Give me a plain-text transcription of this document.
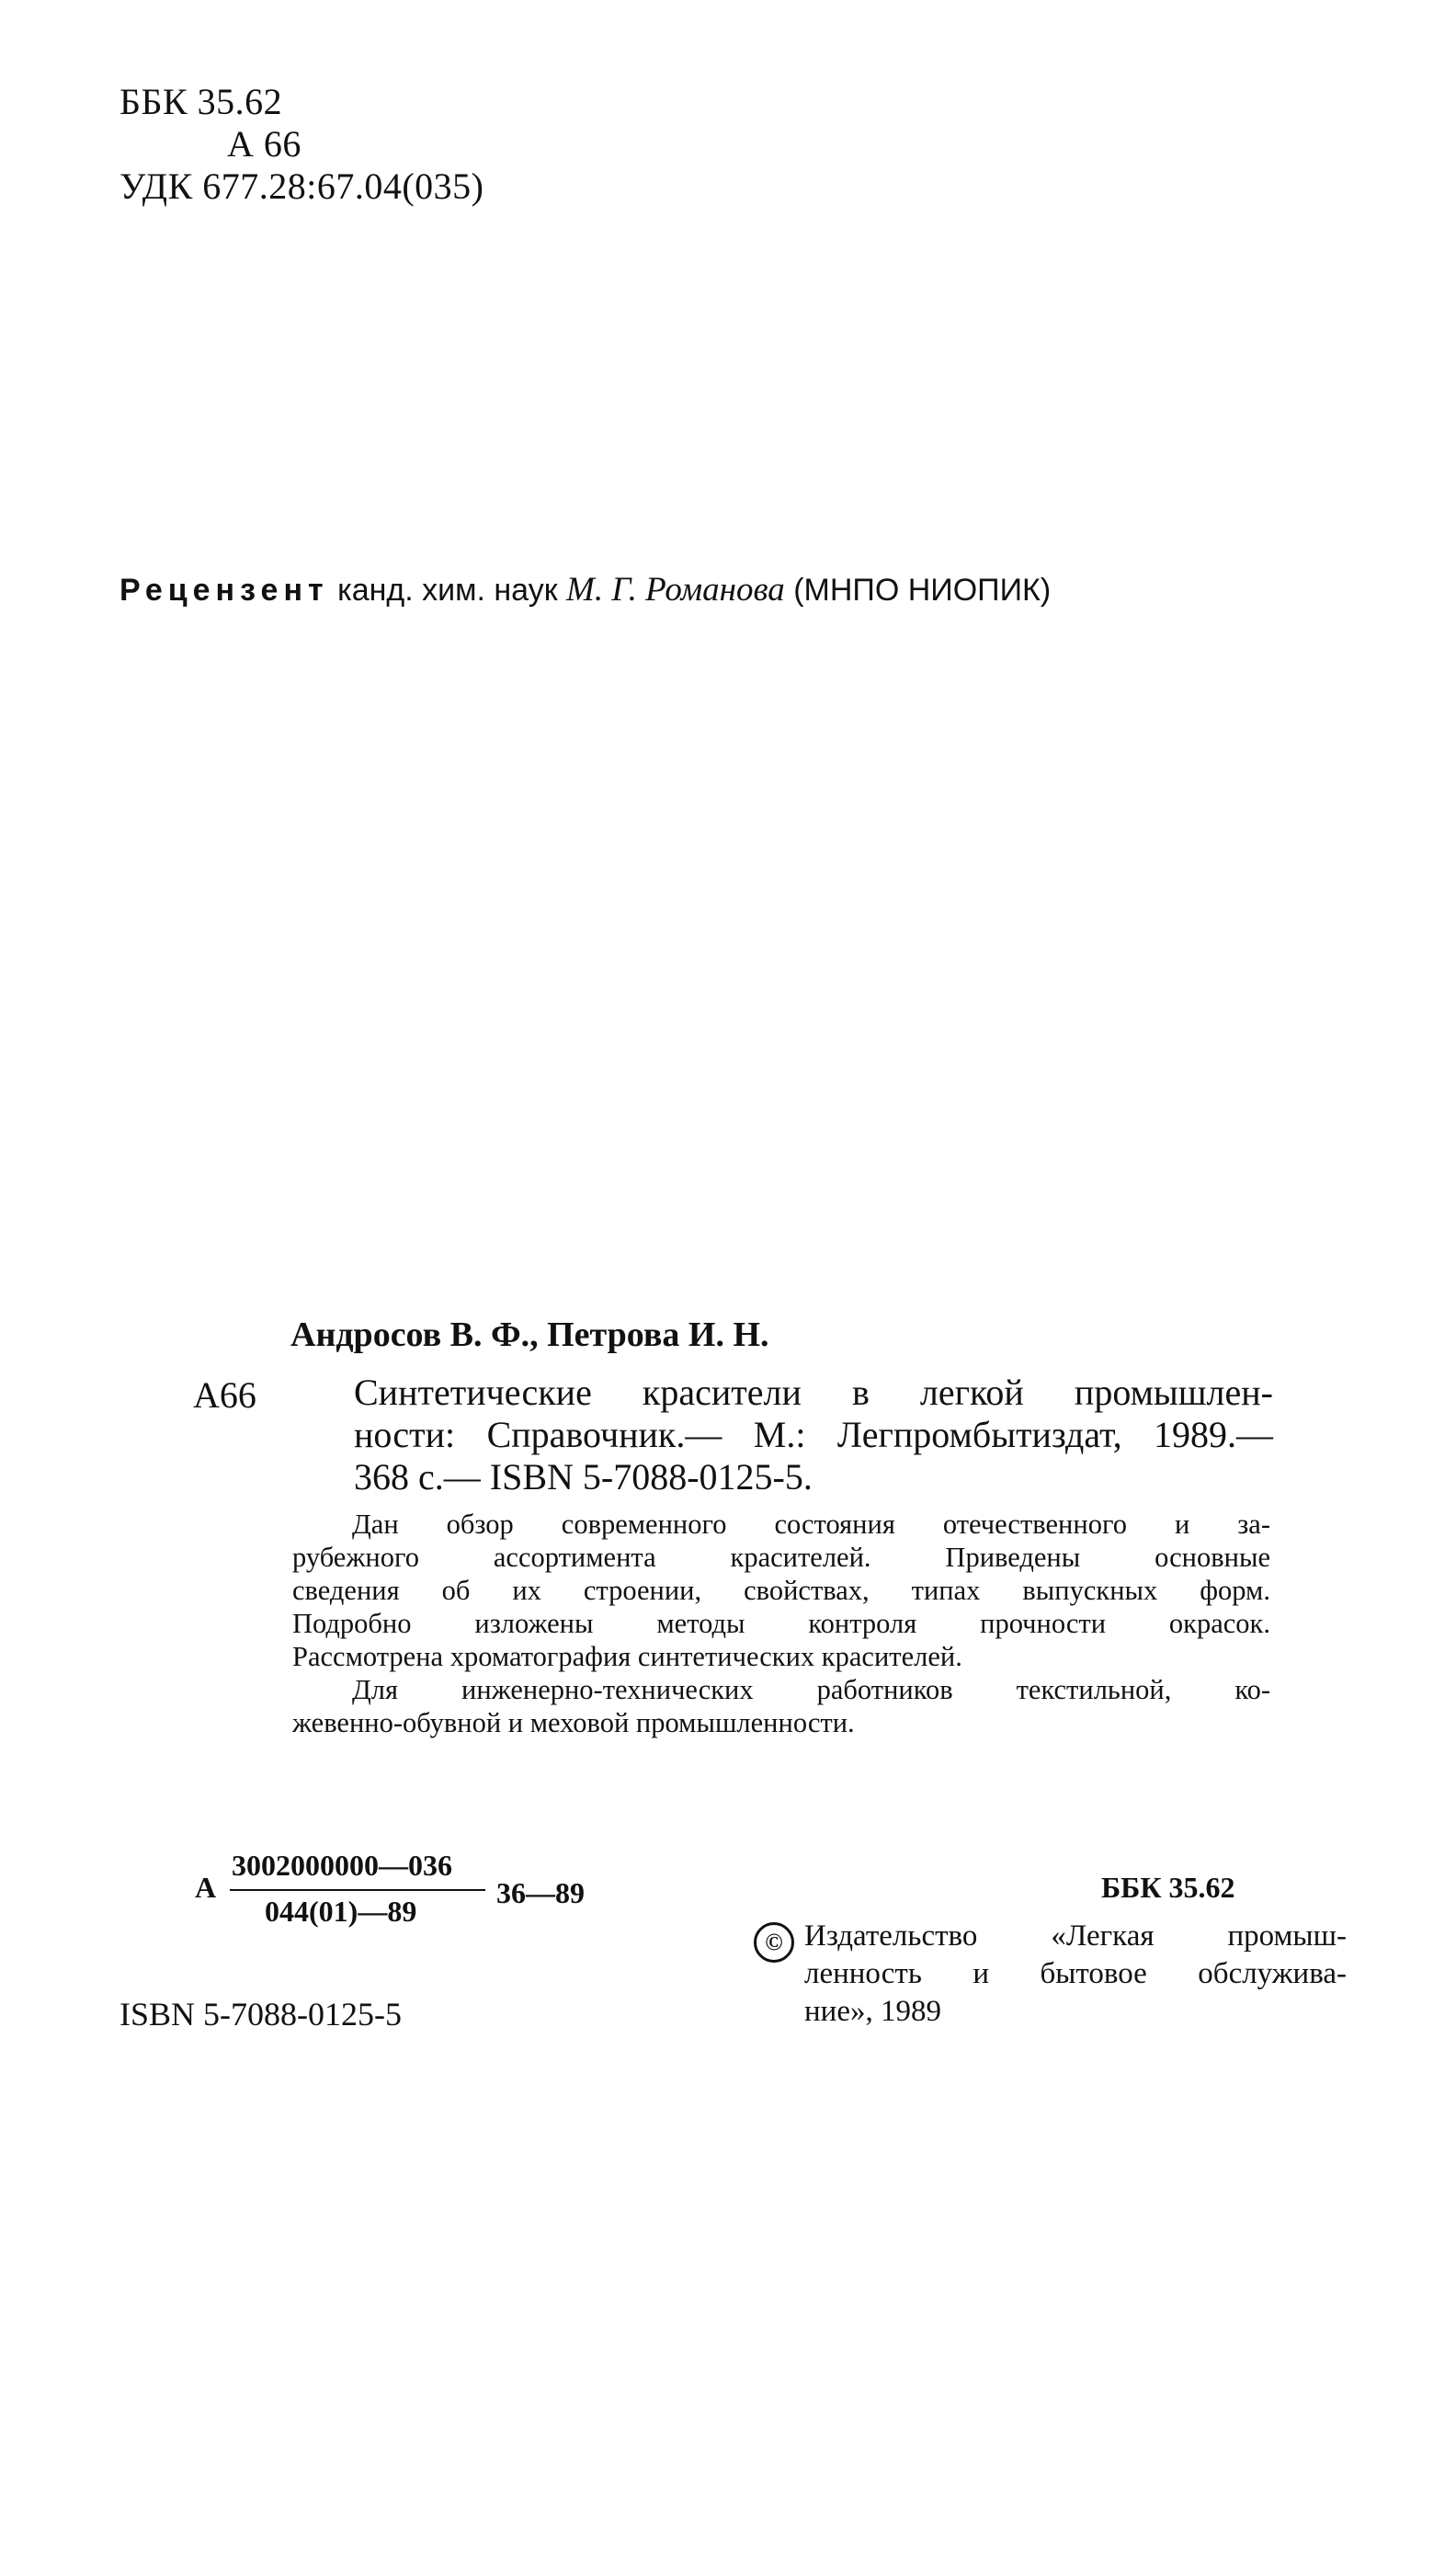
ББК 35.62
А 66
УДК 677.28:67.04(035)
Рецензент канд. хим. наук М. Г. Романова (МНПО НИОПИК)
Андросов В. Ф., Петрова И. Н.
А66	Синтетические красители в легкой промышлен-
ности: Справочник.— М.: Легпромбытиздат, 1989.—
368 с.— ISBN 5-7088-0125-5.
Дан обзор современного состояния отечественного и за-
рубежного ассортимента красителей. Приведены основные
сведения об их строении, свойствах, типах выпускных форм.
Подробно изложены методы контроля прочности окрасок.
Рассмотрена хроматография синтетических красителей.
Для инженерно-технических работников текстильной, ко-
жевенно-обувной и меховой промышленности.
А
3002000000—036
044(01)—89
36—89	ББК 35.62
© Издательство «Легкая промыш-
ленность и бытовое обслужива-
ние», 1989
ISBN 5-7088-0125-5
